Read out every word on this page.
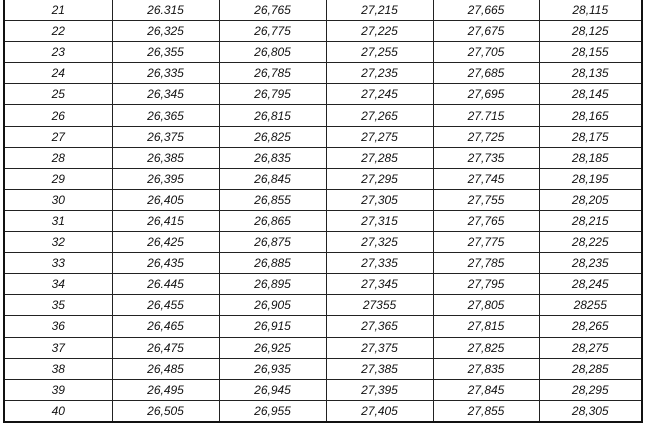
21	26.315	26,765	27,215	27,665	28,115
22	26,325	26,775	27,225	27,675	28,125
23	26,355	26,805	27,255	27,705	28,155
24	26,335	26,785	27,235	27,685	28,135
25	26,345	26,795	27,245	27,695	28,145
26	26,365	26,815	27,265	27.715	28,165
27	26,375	26,825	27,275	27,725	28,175
28	26,385	26,835	27,285	27,735	28,185
29	26,395	26,845	27,295	27,745	28,195
30	26,405	26,855	27,305	27,755	28,205
31	26,415	26,865	27,315	27,765	28,215
32	26,425	26,875	27,325	27,775	28,225
33	26,435	26,885	27,335	27,785	28,235
34	26.445	26,895	27,345	27,795	28,245
35	26,455	26,905	27355	27,805	28255
36	26,465	26,915	27,365	27,815	28,265
37	26,475	26,925	27,375	27,825	28,275
38	26,485	26,935	27,385	27,835	28,285
39	26,495	26,945	27,395	27,845	28,295
40	26,505	26,955	27,405	27,855	28,305
